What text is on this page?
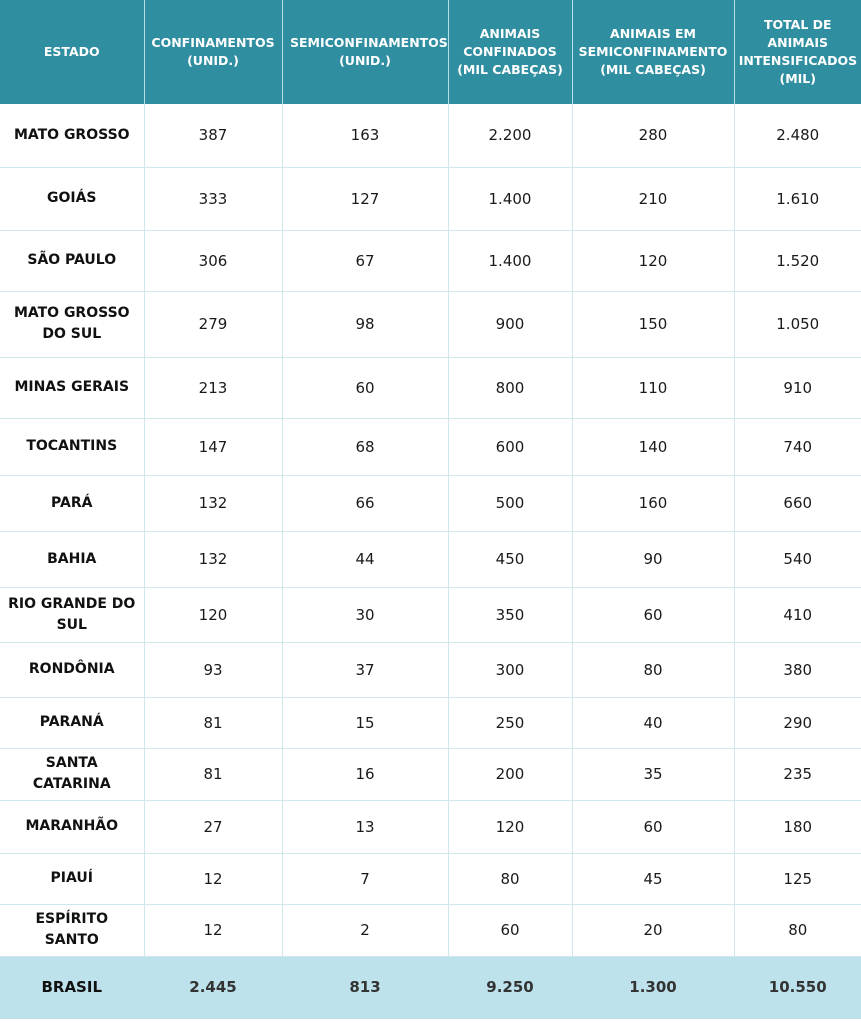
ESTADO	CONFINAMENTOS (UNID.)	SEMICONFINAMENTOS (UNID.)	ANIMAIS CONFINADOS (MIL CABEÇAS)	ANIMAIS EM SEMICONFINAMENTO (MIL CABEÇAS)	TOTAL DE ANIMAIS INTENSIFICADOS (MIL)

MATO GROSSO	387	163	2.200	280	2.480
GOIÁS	333	127	1.400	210	1.610
SÃO PAULO	306	67	1.400	120	1.520
MATO GROSSO DO SUL	279	98	900	150	1.050
MINAS GERAIS	213	60	800	110	910
TOCANTINS	147	68	600	140	740
PARÁ	132	66	500	160	660
BAHIA	132	44	450	90	540
RIO GRANDE DO SUL	120	30	350	60	410
RONDÔNIA	93	37	300	80	380
PARANÁ	81	15	250	40	290
SANTA CATARINA	81	16	200	35	235
MARANHÃO	27	13	120	60	180
PIAUÍ	12	7	80	45	125
ESPÍRITO SANTO	12	2	60	20	80
BRASIL	2.445	813	9.250	1.300	10.550
